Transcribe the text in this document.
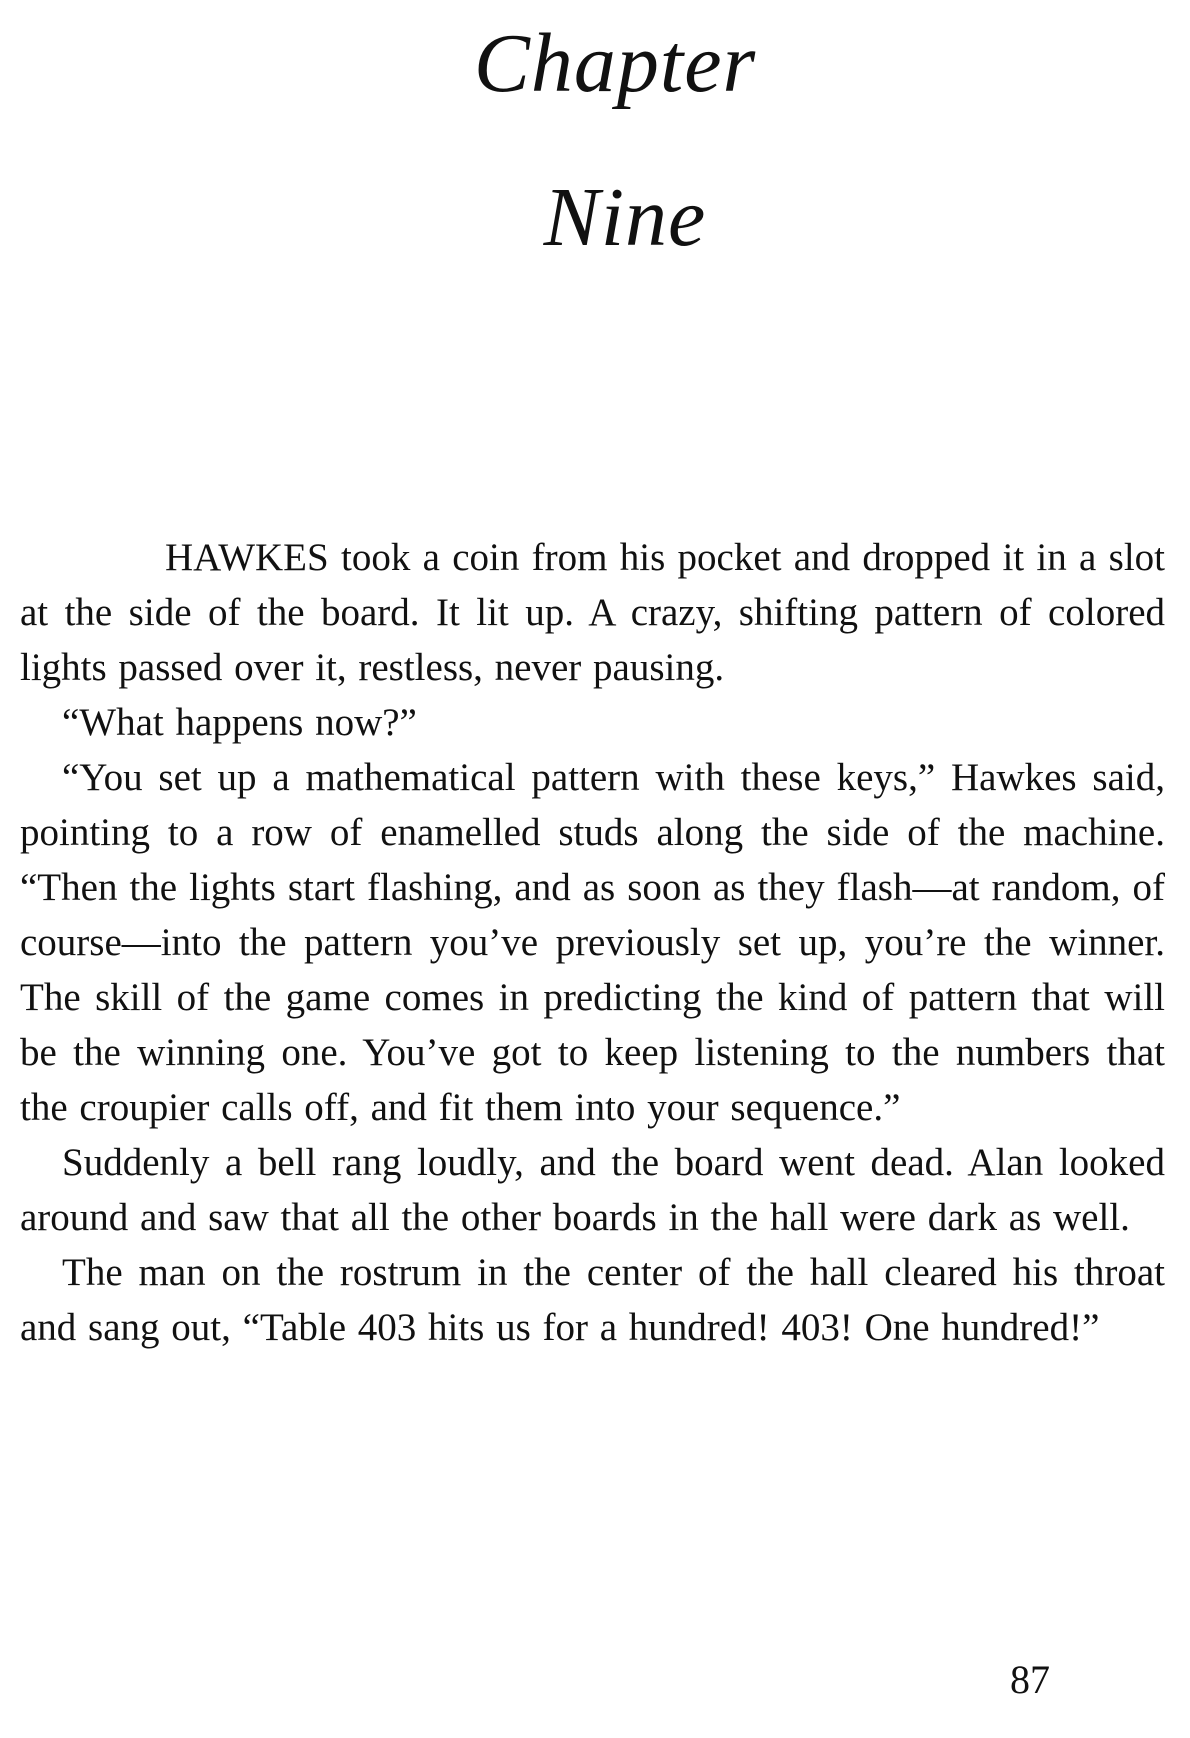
Chapter
Nine

HAWKES took a coin from his pocket and dropped it in a slot at the side of the board. It lit up. A crazy, shifting pattern of colored lights passed over it, restless, never pausing.

“What happens now?”

“You set up a mathematical pattern with these keys,” Hawkes said, pointing to a row of enamelled studs along the side of the machine. “Then the lights start flashing, and as soon as they flash—at random, of course—into the pattern you’ve previously set up, you’re the winner. The skill of the game comes in predicting the kind of pattern that will be the winning one. You’ve got to keep listening to the numbers that the croupier calls off, and fit them into your sequence.”

Suddenly a bell rang loudly, and the board went dead. Alan looked around and saw that all the other boards in the hall were dark as well.

The man on the rostrum in the center of the hall cleared his throat and sang out, “Table 403 hits us for a hundred! 403! One hundred!”

87
